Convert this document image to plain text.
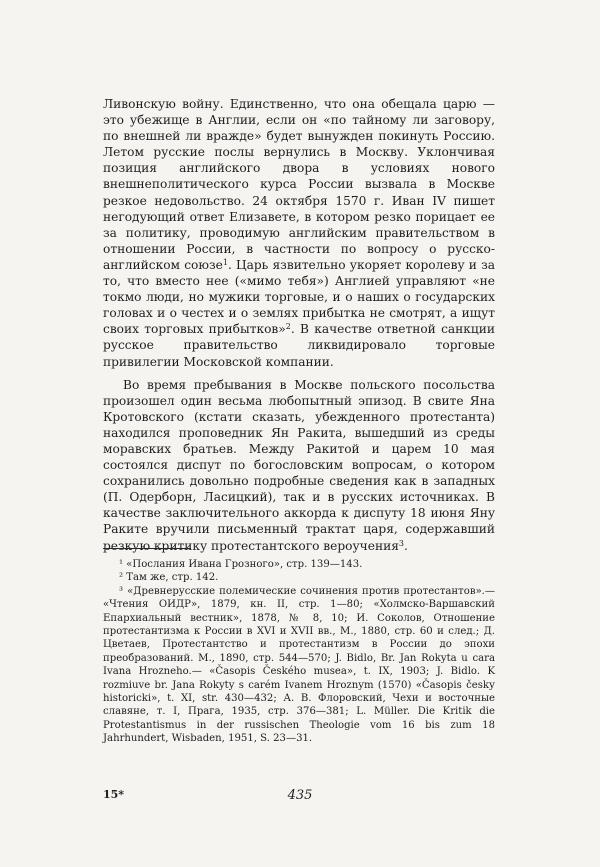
Ливонскую войну. Единственно, что она обещала царю — это убежище в Англии, если он «по тайному ли заговору, по внешней ли вражде» будет вынужден покинуть Россию. Летом русские послы вернулись в Москву. Уклончивая позиция английского двора в условиях нового внешнеполитического курса России вызвала в Москве резкое недовольство. 24 октября 1570 г. Иван IV пишет негодующий ответ Елизавете, в котором резко порицает ее за политику, проводимую английским правительством в отношении России, в частности по вопросу о русско-английском союзе$^1$. Царь язвительно укоряет королеву и за то, что вместо нее («мимо тебя») Англией управляют «не токмо люди, но мужики торговые, и о наших о государских головах и о честех и о землях прибытка не смотрят, а ищут своих торговых прибытков»$^2$. В качестве ответной санкции русское правительство ликвидировало торговые привилегии Московской компании.

Во время пребывания в Москве польского посольства произошел один весьма любопытный эпизод. В свите Яна Кротовского (кстати сказать, убежденного протестанта) находился проповедник Ян Ракита, вышедший из среды моравских братьев. Между Ракитой и царем 10 мая состоялся диспут по богословским вопросам, о котором сохранились довольно подробные сведения как в западных (П. Одерборн, Ласицкий), так и в русских источниках. В качестве заключительного аккорда к диспуту 18 июня Яну Раките вручили письменный трактат царя, содержавший резкую критику протестантского вероучения$^3$.

¹ «Послания Ивана Грозного», стр. 139—143.

² Там же, стр. 142.

³ «Древнерусские полемические сочинения против протестантов».— «Чтения ОИДР», 1879, кн. II, стр. 1—80; «Холмско-Варшавский Епархиальный вестник», 1878, № 8, 10; И. Соколов, Отношение протестантизма к России в XVI и XVII вв., М., 1880, стр. 60 и след.; Д. Цветаев, Протестантство и протестантизм в России до эпохи преобразований. М., 1890, стр. 544—570; J. Bidlo, Br. Jan Rokyta u cara Ivana Hrozneho.— «Časopis Českého musea», t. IX, 1903; J. Bidlo. K rozmiuve br. Jana Rokyty s carém Ivanem Hroznym (1570) «Časopis českу historicki», t. XI, str. 430—432; А. В. Флоровский, Чехи и восточные славяне, т. I, Прага, 1935, стр. 376—381; L. Müller. Die Kritik die Protestantismus in der russischen Theologie vom 16 bis zum 18 Jahrhundert, Wisbaden, 1951, S. 23—31.

15*	435
